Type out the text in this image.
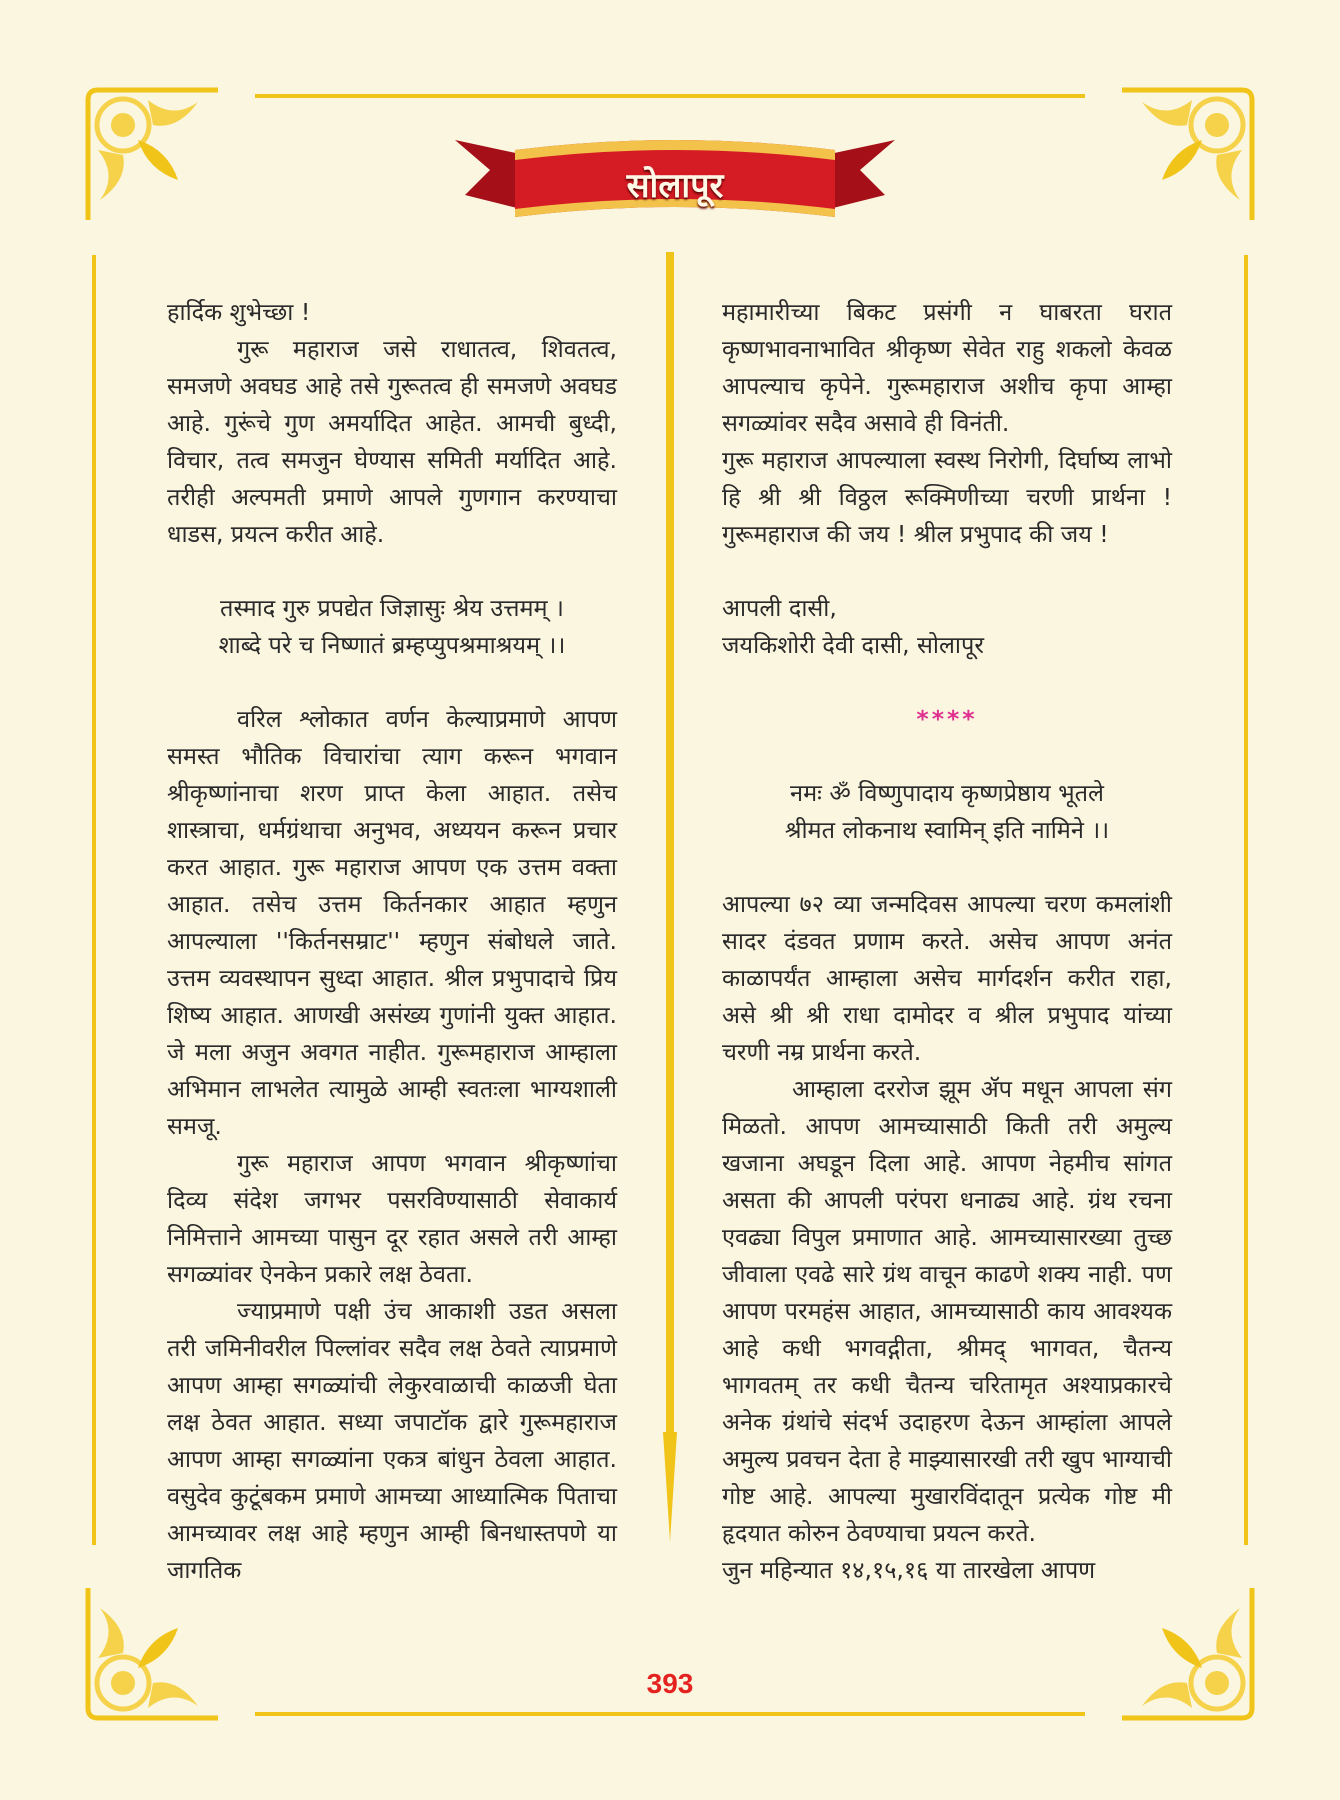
सोलापूर

हार्दिक शुभेच्छा !

गुरू महाराज जसे राधातत्व, शिवतत्व, समजणे अवघड आहे तसे गुरूतत्व ही समजणे अवघड आहे. गुरूंचे गुण अमर्यादित आहेत. आमची बुध्दी, विचार, तत्व समजुन घेण्यास समिती मर्यादित आहे. तरीही अल्पमती प्रमाणे आपले गुणगान करण्याचा धाडस, प्रयत्न करीत आहे.

तस्माद गुरु प्रपद्येत जिज्ञासुः श्रेय उत्तमम् ।

शाब्दे परे च निष्णातं ब्रम्हप्युपश्रमाश्रयम् ।।

वरिल श्लोकात वर्णन केल्याप्रमाणे आपण समस्त भौतिक विचारांचा त्याग करून भगवान श्रीकृष्णांनाचा शरण प्राप्त केला आहात. तसेच शास्त्राचा, धर्मग्रंथाचा अनुभव, अध्ययन करून प्रचार करत आहात. गुरू महाराज आपण एक उत्तम वक्ता आहात. तसेच उत्तम किर्तनकार आहात म्हणुन आपल्याला ''किर्तनसम्राट'' म्हणुन संबोधले जाते. उत्तम व्यवस्थापन सुध्दा आहात. श्रील प्रभुपादाचे प्रिय शिष्य आहात. आणखी असंख्य गुणांनी युक्त आहात. जे मला अजुन अवगत नाहीत. गुरूमहाराज आम्हाला अभिमान लाभलेत त्यामुळे आम्ही स्वतःला भाग्यशाली समजू.

गुरू महाराज आपण भगवान श्रीकृष्णांचा दिव्य संदेश जगभर पसरविण्यासाठी सेवाकार्य निमित्ताने आमच्या पासुन दूर रहात असले तरी आम्हा सगळ्यांवर ऐनकेन प्रकारे लक्ष ठेवता.

ज्याप्रमाणे पक्षी उंच आकाशी उडत असला तरी जमिनीवरील पिल्लांवर सदैव लक्ष ठेवते त्याप्रमाणे आपण आम्हा सगळ्यांची लेकुरवाळाची काळजी घेता लक्ष ठेवत आहात. सध्या जपाटॉक द्वारे गुरूमहाराज आपण आम्हा सगळ्यांना एकत्र बांधुन ठेवला आहात. वसुदेव कुटूंबकम प्रमाणे आमच्या आध्यात्मिक पिताचा आमच्यावर लक्ष आहे म्हणुन आम्ही बिनधास्तपणे या जागतिक

महामारीच्या बिकट प्रसंगी न घाबरता घरात कृष्णभावनाभावित श्रीकृष्ण सेवेत राहु शकलो केवळ आपल्याच कृपेने. गुरूमहाराज अशीच कृपा आम्हा सगळ्यांवर सदैव असावे ही विनंती.

गुरू महाराज आपल्याला स्वस्थ निरोगी, दिर्घाष्य लाभो हि श्री श्री विठ्ठल रूक्मिणीच्या चरणी प्रार्थना ! गुरूमहाराज की जय ! श्रील प्रभुपाद की जय !

आपली दासी,

जयकिशोरी देवी दासी, सोलापूर

****

नमः ॐ विष्णुपादाय कृष्णप्रेष्ठाय भूतले

श्रीमत लोकनाथ स्वामिन् इति नामिने ।।

आपल्या ७२ व्या जन्मदिवस आपल्या चरण कमलांशी सादर दंडवत प्रणाम करते. असेच आपण अनंत काळापर्यंत आम्हाला असेच मार्गदर्शन करीत राहा, असे श्री श्री राधा दामोदर व श्रील प्रभुपाद यांच्या चरणी नम्र प्रार्थना करते.

आम्हाला दररोज झूम ॲप मधून आपला संग मिळतो. आपण आमच्यासाठी किती तरी अमुल्य खजाना अघडून दिला आहे. आपण नेहमीच सांगत असता की आपली परंपरा धनाढ्य आहे. ग्रंथ रचना एवढ्या विपुल प्रमाणात आहे. आमच्यासारख्या तुच्छ जीवाला एवढे सारे ग्रंथ वाचून काढणे शक्य नाही. पण आपण परमहंस आहात, आमच्यासाठी काय आवश्यक आहे कधी भगवद्गीता, श्रीमद् भागवत, चैतन्य भागवतम् तर कधी चैतन्य चरितामृत अश्याप्रकारचे अनेक ग्रंथांचे संदर्भ उदाहरण देऊन आम्हांला आपले अमुल्य प्रवचन देता हे माझ्यासारखी तरी खुप भाग्याची गोष्ट आहे. आपल्या मुखारविंदातून प्रत्येक गोष्ट मी हृदयात कोरुन ठेवण्याचा प्रयत्न करते.

जुन महिन्यात १४,१५,१६ या तारखेला आपण

393
